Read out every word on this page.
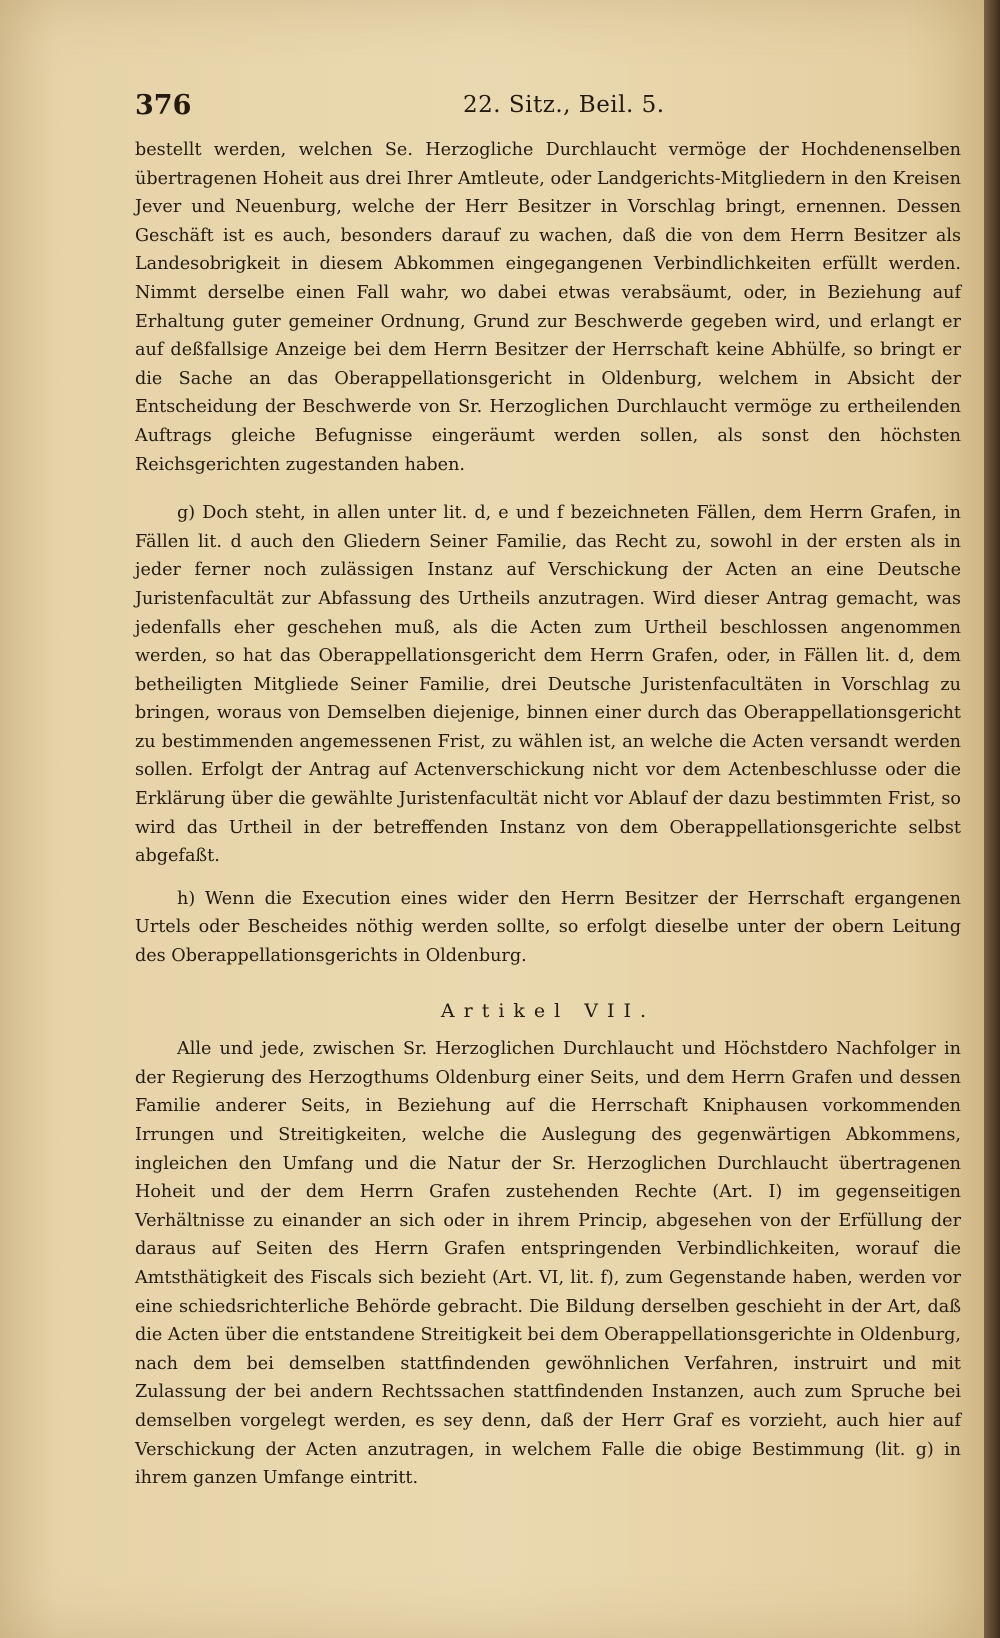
376	22. Sitz., Beil. 5.

bestellt werden, welchen Se. Herzogliche Durchlaucht vermöge der Hochdenenselben übertragenen Hoheit aus drei Ihrer Amtleute, oder Landgerichts-Mitgliedern in den Kreisen Jever und Neuenburg, welche der Herr Besitzer in Vorschlag bringt, ernennen. Dessen Geschäft ist es auch, besonders darauf zu wachen, daß die von dem Herrn Besitzer als Landesobrigkeit in diesem Abkommen eingegangenen Verbindlichkeiten erfüllt werden. Nimmt derselbe einen Fall wahr, wo dabei etwas verabsäumt, oder, in Beziehung auf Erhaltung guter gemeiner Ordnung, Grund zur Beschwerde gegeben wird, und erlangt er auf deßfallsige Anzeige bei dem Herrn Besitzer der Herrschaft keine Abhülfe, so bringt er die Sache an das Oberappellationsgericht in Oldenburg, welchem in Absicht der Entscheidung der Beschwerde von Sr. Herzoglichen Durchlaucht vermöge zu ertheilenden Auftrags gleiche Befugnisse eingeräumt werden sollen, als sonst den höchsten Reichsgerichten zugestanden haben.

g) Doch steht, in allen unter lit. d, e und f bezeichneten Fällen, dem Herrn Grafen, in Fällen lit. d auch den Gliedern Seiner Familie, das Recht zu, sowohl in der ersten als in jeder ferner noch zulässigen Instanz auf Verschickung der Acten an eine Deutsche Juristenfacultät zur Abfassung des Urtheils anzutragen. Wird dieser Antrag gemacht, was jedenfalls eher geschehen muß, als die Acten zum Urtheil beschlossen angenommen werden, so hat das Oberappellationsgericht dem Herrn Grafen, oder, in Fällen lit. d, dem betheiligten Mitgliede Seiner Familie, drei Deutsche Juristenfacultäten in Vorschlag zu bringen, woraus von Demselben diejenige, binnen einer durch das Oberappellationsgericht zu bestimmenden angemessenen Frist, zu wählen ist, an welche die Acten versandt werden sollen. Erfolgt der Antrag auf Actenverschickung nicht vor dem Actenbeschlusse oder die Erklärung über die gewählte Juristenfacultät nicht vor Ablauf der dazu bestimmten Frist, so wird das Urtheil in der betreffenden Instanz von dem Oberappellationsgerichte selbst abgefaßt.

h) Wenn die Execution eines wider den Herrn Besitzer der Herrschaft ergangenen Urtels oder Bescheides nöthig werden sollte, so erfolgt dieselbe unter der obern Leitung des Oberappellationsgerichts in Oldenburg.

Artikel VII.

Alle und jede, zwischen Sr. Herzoglichen Durchlaucht und Höchstdero Nachfolger in der Regierung des Herzogthums Oldenburg einer Seits, und dem Herrn Grafen und dessen Familie anderer Seits, in Beziehung auf die Herrschaft Kniphausen vorkommenden Irrungen und Streitigkeiten, welche die Auslegung des gegenwärtigen Abkommens, ingleichen den Umfang und die Natur der Sr. Herzoglichen Durchlaucht übertragenen Hoheit und der dem Herrn Grafen zustehenden Rechte (Art. I) im gegenseitigen Verhältnisse zu einander an sich oder in ihrem Princip, abgesehen von der Erfüllung der daraus auf Seiten des Herrn Grafen entspringenden Verbindlichkeiten, worauf die Amtsthätigkeit des Fiscals sich bezieht (Art. VI, lit. f), zum Gegenstande haben, werden vor eine schiedsrichterliche Behörde gebracht. Die Bildung derselben geschieht in der Art, daß die Acten über die entstandene Streitigkeit bei dem Oberappellationsgerichte in Oldenburg, nach dem bei demselben stattfindenden gewöhnlichen Verfahren, instruirt und mit Zulassung der bei andern Rechtssachen stattfindenden Instanzen, auch zum Spruche bei demselben vorgelegt werden, es sey denn, daß der Herr Graf es vorzieht, auch hier auf Verschickung der Acten anzutragen, in welchem Falle die obige Bestimmung (lit. g) in ihrem ganzen Umfange eintritt.
